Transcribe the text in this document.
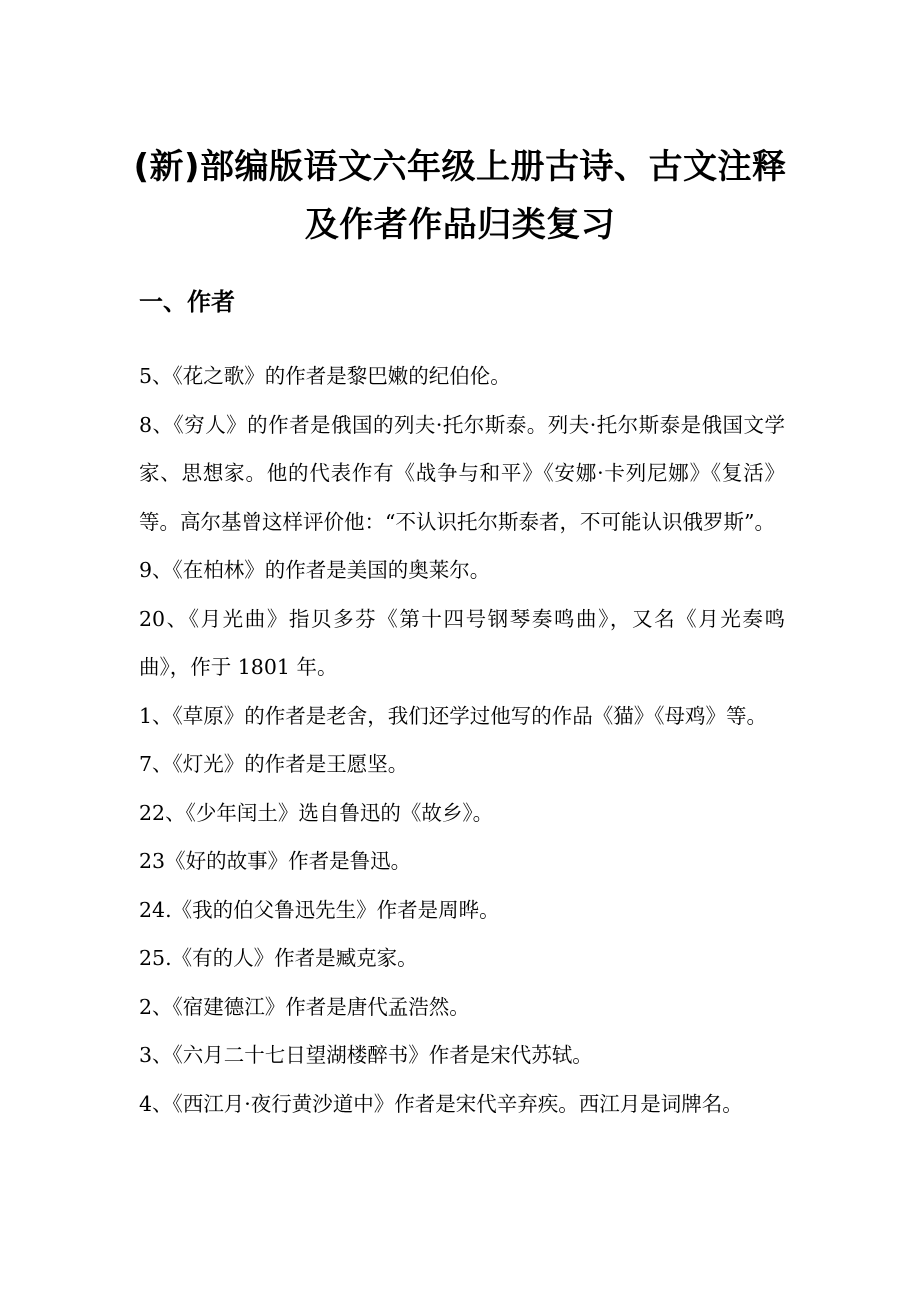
(新)部编版语文六年级上册古诗、古文注释
及作者作品归类复习
一、作者
5、《花之歌》的作者是黎巴嫩的纪伯伦。
8、《穷人》的作者是俄国的列夫·托尔斯泰。列夫·托尔斯泰是俄国文学家、思想家。他的代表作有《战争与和平》《安娜·卡列尼娜》《复活》等。高尔基曾这样评价他：“不认识托尔斯泰者，不可能认识俄罗斯”。
9、《在柏林》的作者是美国的奥莱尔。
20、《月光曲》指贝多芬《第十四号钢琴奏鸣曲》，又名《月光奏鸣曲》，作于 1801 年。
1、《草原》的作者是老舍，我们还学过他写的作品《猫》《母鸡》等。
7、《灯光》的作者是王愿坚。
22、《少年闰土》选自鲁迅的《故乡》。
23《好的故事》作者是鲁迅。
24.《我的伯父鲁迅先生》作者是周晔。
25.《有的人》作者是臧克家。
2、《宿建德江》作者是唐代孟浩然。
3、《六月二十七日望湖楼醉书》作者是宋代苏轼。
4、《西江月·夜行黄沙道中》作者是宋代辛弃疾。西江月是词牌名。
